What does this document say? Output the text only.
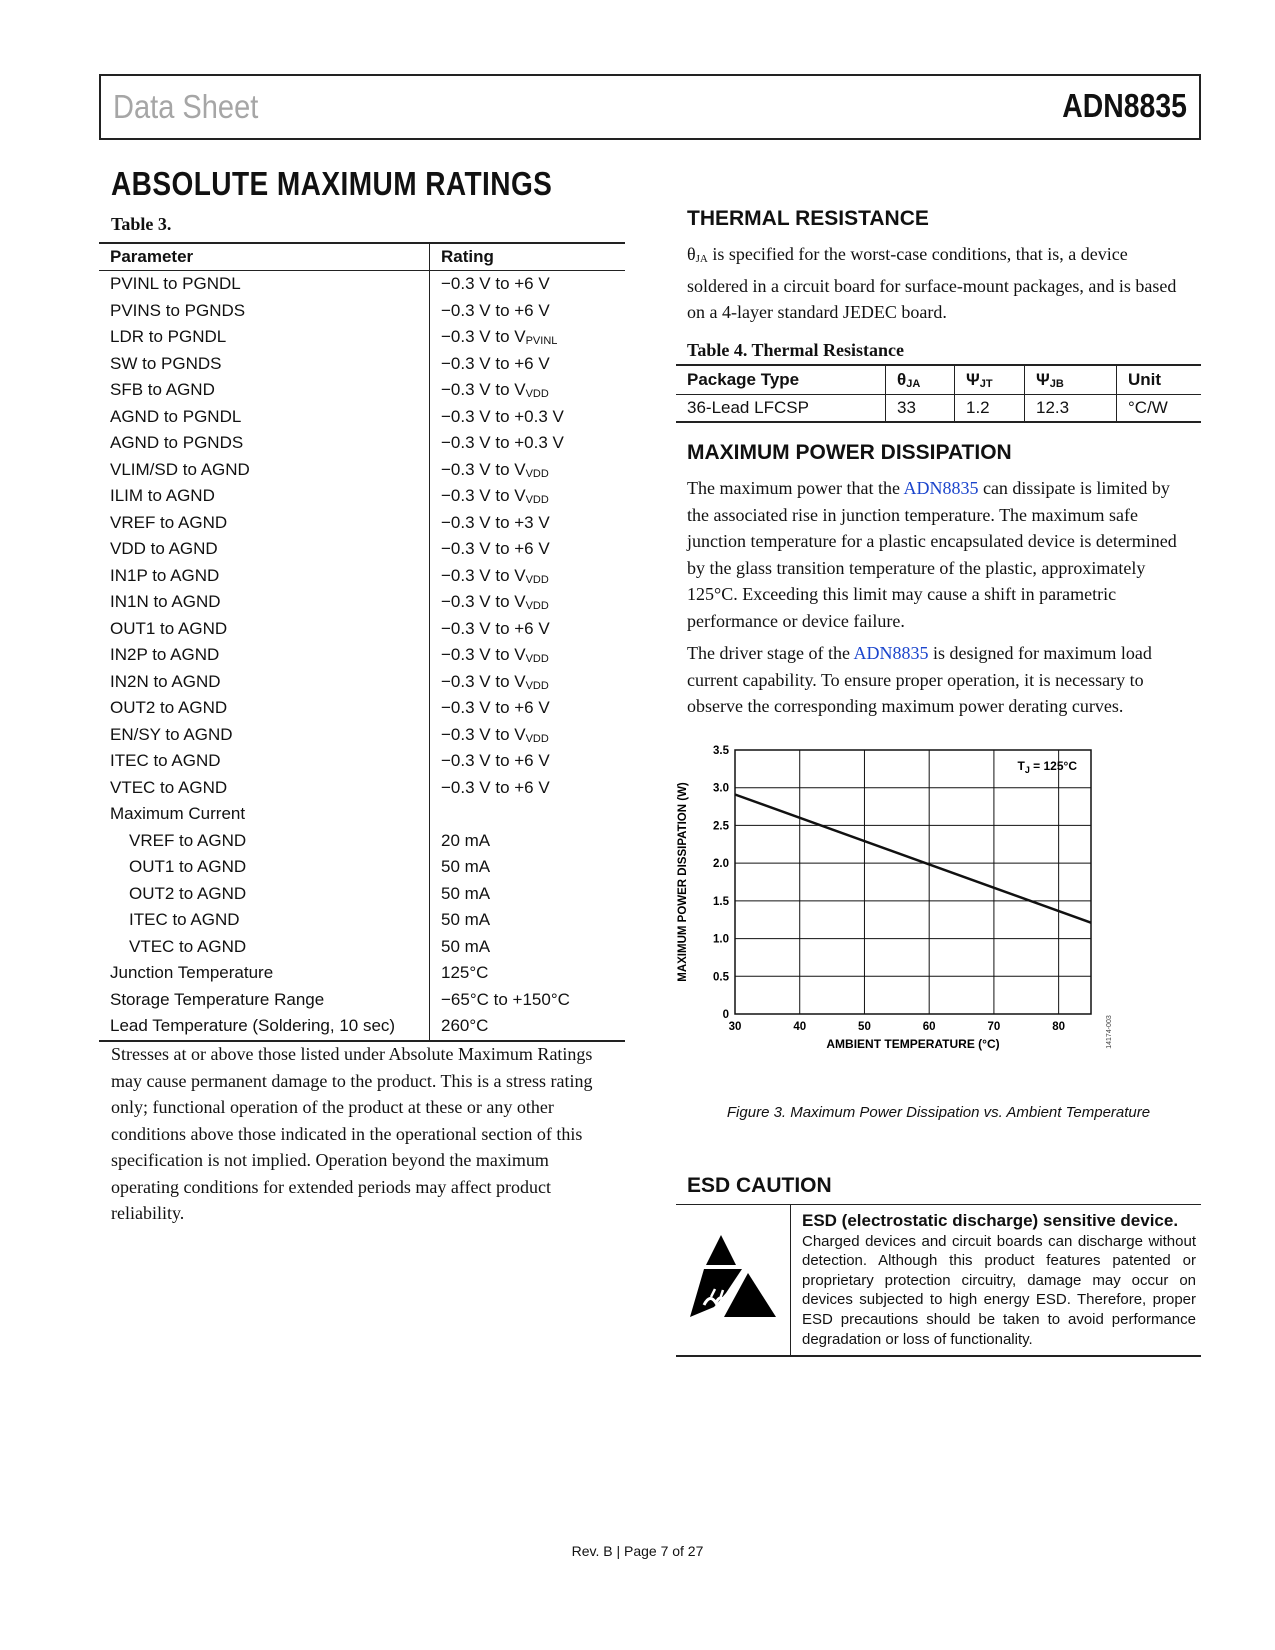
Data Sheet	ADN8835
ABSOLUTE MAXIMUM RATINGS
Table 3.
Parameter	Rating
PVINL to PGNDL	−0.3 V to +6 V
PVINS to PGNDS	−0.3 V to +6 V
LDR to PGNDL	−0.3 V to $V_{PVINL}$
SW to PGNDS	−0.3 V to +6 V
SFB to AGND	−0.3 V to $V_{VDD}$
AGND to PGNDL	−0.3 V to +0.3 V
AGND to PGNDS	−0.3 V to +0.3 V
VLIM/SD to AGND	−0.3 V to $V_{VDD}$
ILIM to AGND	−0.3 V to $V_{VDD}$
VREF to AGND	−0.3 V to +3 V
VDD to AGND	−0.3 V to +6 V
IN1P to AGND	−0.3 V to $V_{VDD}$
IN1N to AGND	−0.3 V to $V_{VDD}$
OUT1 to AGND	−0.3 V to +6 V
IN2P to AGND	−0.3 V to $V_{VDD}$
IN2N to AGND	−0.3 V to $V_{VDD}$
OUT2 to AGND	−0.3 V to +6 V
EN/SY to AGND	−0.3 V to $V_{VDD}$
ITEC to AGND	−0.3 V to +6 V
VTEC to AGND	−0.3 V to +6 V
Maximum Current	
VREF to AGND	20 mA
OUT1 to AGND	50 mA
OUT2 to AGND	50 mA
ITEC to AGND	50 mA
VTEC to AGND	50 mA
Junction Temperature	125°C
Storage Temperature Range	−65°C to +150°C
Lead Temperature (Soldering, 10 sec)	260°C
Stresses at or above those listed under Absolute Maximum Ratings may cause permanent damage to the product. This is a stress rating only; functional operation of the product at these or any other conditions above those indicated in the operational section of this specification is not implied. Operation beyond the maximum operating conditions for extended periods may affect product reliability.
THERMAL RESISTANCE
$\theta_{JA}$ is specified for the worst-case conditions, that is, a device soldered in a circuit board for surface-mount packages, and is based on a 4-layer standard JEDEC board.
Table 4. Thermal Resistance
Package Type	$\theta_{JA}$	$\Psi_{JT}$	$\Psi_{JB}$	Unit
36-Lead LFCSP	33	1.2	12.3	°C/W
MAXIMUM POWER DISSIPATION
The maximum power that the ADN8835 can dissipate is limited by the associated rise in junction temperature. The maximum safe junction temperature for a plastic encapsulated device is determined by the glass transition temperature of the plastic, approximately 125°C. Exceeding this limit may cause a shift in parametric performance or device failure.
The driver stage of the ADN8835 is designed for maximum load current capability. To ensure proper operation, it is necessary to observe the corresponding maximum power derating curves.
30	40	50	60	70	80
0
0.5
1.0
1.5
2.0
2.5
3.0
3.5
AMBIENT TEMPERATURE (°C)
MAXIMUM POWER DISSIPATION (W)
$T_J = 125^\circ C$
14174-003
Figure 3. Maximum Power Dissipation vs. Ambient Temperature
ESD CAUTION
ESD (electrostatic discharge) sensitive device.
Charged devices and circuit boards can discharge without detection. Although this product features patented or proprietary protection circuitry, damage may occur on devices subjected to high energy ESD. Therefore, proper ESD precautions should be taken to avoid performance degradation or loss of functionality.
Rev. B | Page 7 of 27
